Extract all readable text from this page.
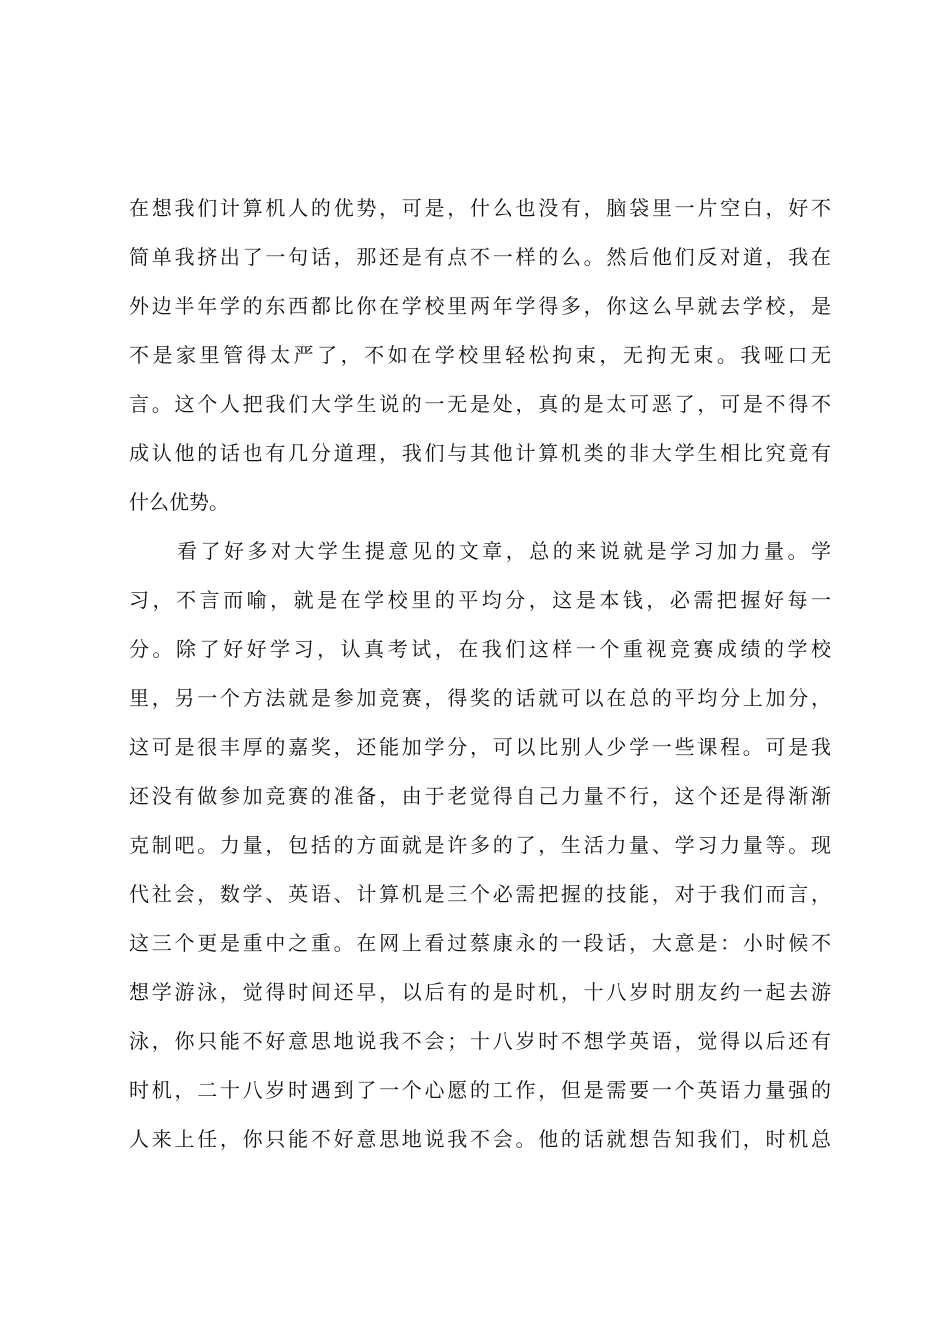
在想我们计算机人的优势，可是，什么也没有，脑袋里一片空白，好不
简单我挤出了一句话，那还是有点不一样的么。然后他们反对道，我在
外边半年学的东西都比你在学校里两年学得多，你这么早就去学校，是
不是家里管得太严了，不如在学校里轻松拘束，无拘无束。我哑口无
言。这个人把我们大学生说的一无是处，真的是太可恶了，可是不得不
成认他的话也有几分道理，我们与其他计算机类的非大学生相比究竟有
什么优势。
看了好多对大学生提意见的文章，总的来说就是学习加力量。学
习，不言而喻，就是在学校里的平均分，这是本钱，必需把握好每一
分。除了好好学习，认真考试，在我们这样一个重视竞赛成绩的学校
里，另一个方法就是参加竞赛，得奖的话就可以在总的平均分上加分，
这可是很丰厚的嘉奖，还能加学分，可以比别人少学一些课程。可是我
还没有做参加竞赛的准备，由于老觉得自己力量不行，这个还是得渐渐
克制吧。力量，包括的方面就是许多的了，生活力量、学习力量等。现
代社会，数学、英语、计算机是三个必需把握的技能，对于我们而言，
这三个更是重中之重。在网上看过蔡康永的一段话，大意是：小时候不
想学游泳，觉得时间还早，以后有的是时机，十八岁时朋友约一起去游
泳，你只能不好意思地说我不会；十八岁时不想学英语，觉得以后还有
时机，二十八岁时遇到了一个心愿的工作，但是需要一个英语力量强的
人来上任，你只能不好意思地说我不会。他的话就想告知我们，时机总
